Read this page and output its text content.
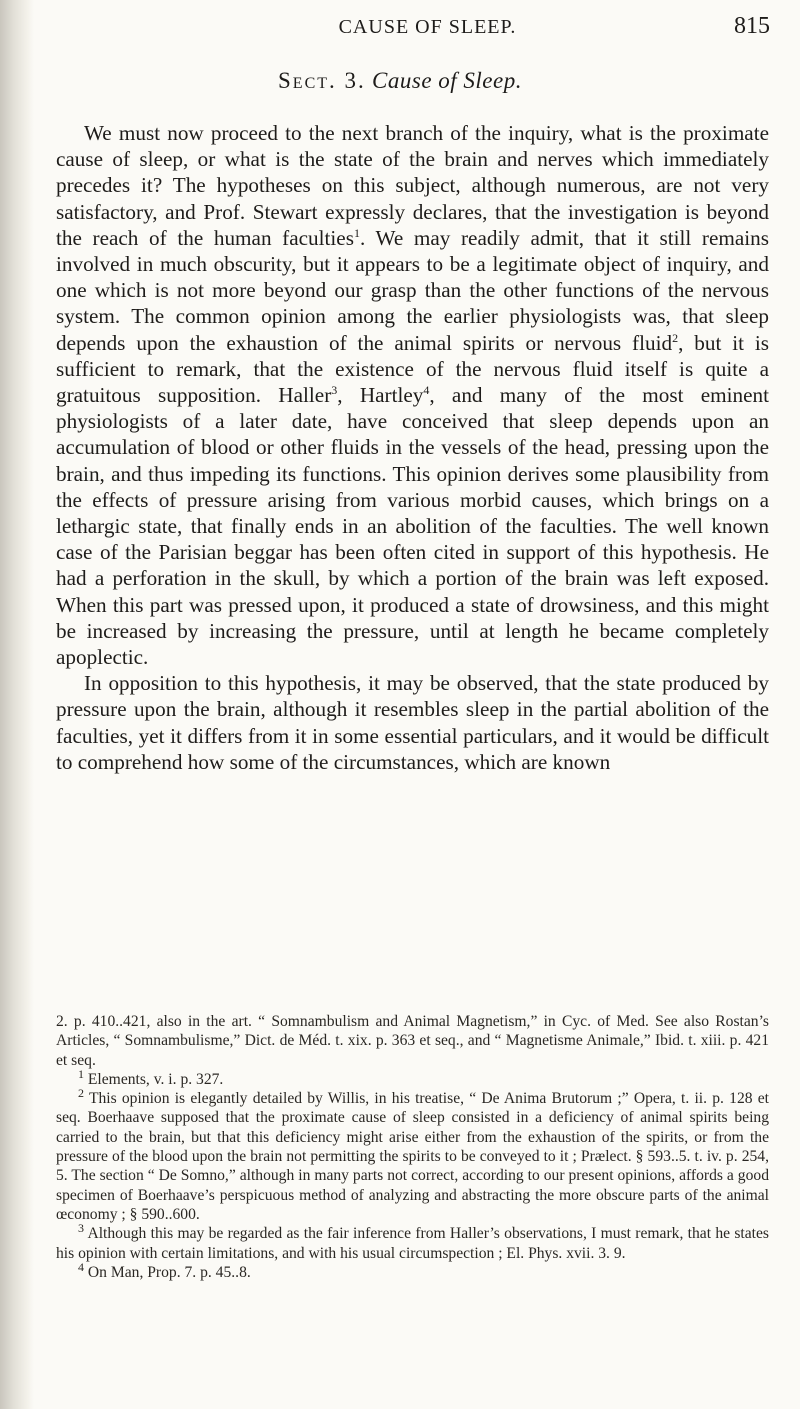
CAUSE OF SLEEP.	815
Sect. 3. Cause of Sleep.

We must now proceed to the next branch of the inquiry, what is the proximate cause of sleep, or what is the state of the brain and nerves which immediately precedes it? The hypotheses on this subject, although numerous, are not very satisfactory, and Prof. Stewart expressly declares, that the investigation is beyond the reach of the human faculties$^1$. We may readily admit, that it still remains involved in much obscurity, but it appears to be a legitimate object of inquiry, and one which is not more beyond our grasp than the other functions of the nervous system. The common opinion among the earlier physiologists was, that sleep depends upon the exhaustion of the animal spirits or nervous fluid$^2$, but it is sufficient to remark, that the existence of the nervous fluid itself is quite a gratuitous supposition. Haller$^3$, Hartley$^4$, and many of the most eminent physiologists of a later date, have conceived that sleep depends upon an accumulation of blood or other fluids in the vessels of the head, pressing upon the brain, and thus impeding its functions. This opinion derives some plausibility from the effects of pressure arising from various morbid causes, which brings on a lethargic state, that finally ends in an abolition of the faculties. The well known case of the Parisian beggar has been often cited in support of this hypothesis. He had a perforation in the skull, by which a portion of the brain was left exposed. When this part was pressed upon, it produced a state of drowsiness, and this might be increased by increasing the pressure, until at length he became completely apoplectic.

In opposition to this hypothesis, it may be observed, that the state produced by pressure upon the brain, although it resembles sleep in the partial abolition of the faculties, yet it differs from it in some essential particulars, and it would be difficult to comprehend how some of the circumstances, which are known

2. p. 410..421, also in the art. “ Somnambulism and Animal Magnetism,” in Cyc. of Med. See also Rostan’s Articles, “ Somnambulisme,” Dict. de Méd. t. xix. p. 363 et seq., and “ Magnetisme Animale,” Ibid. t. xiii. p. 421 et seq.

$^1$ Elements, v. i. p. 327.

$^2$ This opinion is elegantly detailed by Willis, in his treatise, “ De Anima Brutorum ;” Opera, t. ii. p. 128 et seq. Boerhaave supposed that the proximate cause of sleep consisted in a deficiency of animal spirits being carried to the brain, but that this deficiency might arise either from the exhaustion of the spirits, or from the pressure of the blood upon the brain not permitting the spirits to be conveyed to it ; Prælect. § 593..5. t. iv. p. 254, 5. The section “ De Somno,” although in many parts not correct, according to our present opinions, affords a good specimen of Boerhaave’s perspicuous method of analyzing and abstracting the more obscure parts of the animal œconomy ; § 590..600.

$^3$ Although this may be regarded as the fair inference from Haller’s observations, I must remark, that he states his opinion with certain limitations, and with his usual circumspection ; El. Phys. xvii. 3. 9.

$^4$ On Man, Prop. 7. p. 45..8.
